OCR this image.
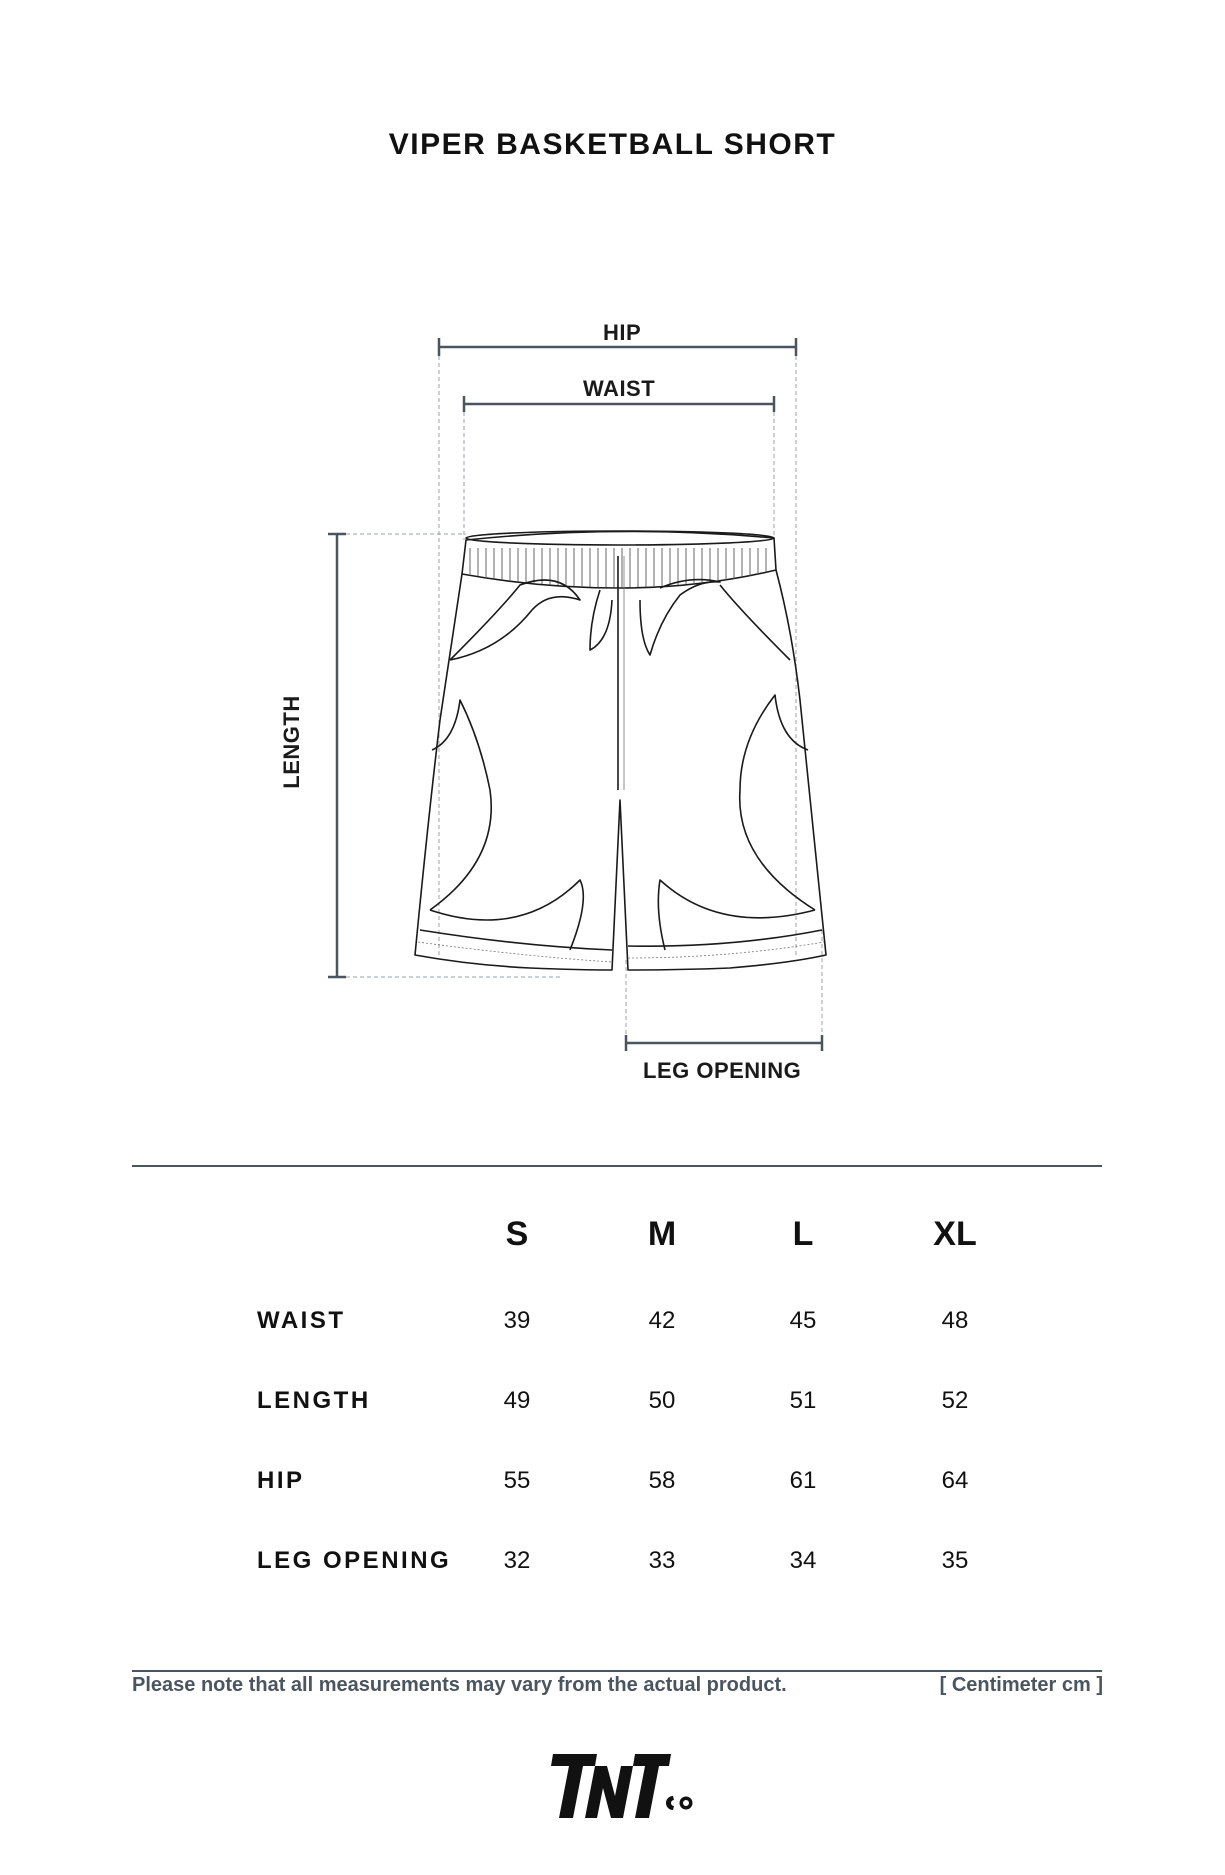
VIPER BASKETBALL SHORT
HIP
WAIST
LENGTH
LEG OPENING
S	M	L	XL
WAIST	39	42	45	48
LENGTH	49	50	51	52
HIP	55	58	61	64
LEG OPENING	32	33	34	35
Please note that all measurements may vary from the actual product.	[ Centimeter cm ]
